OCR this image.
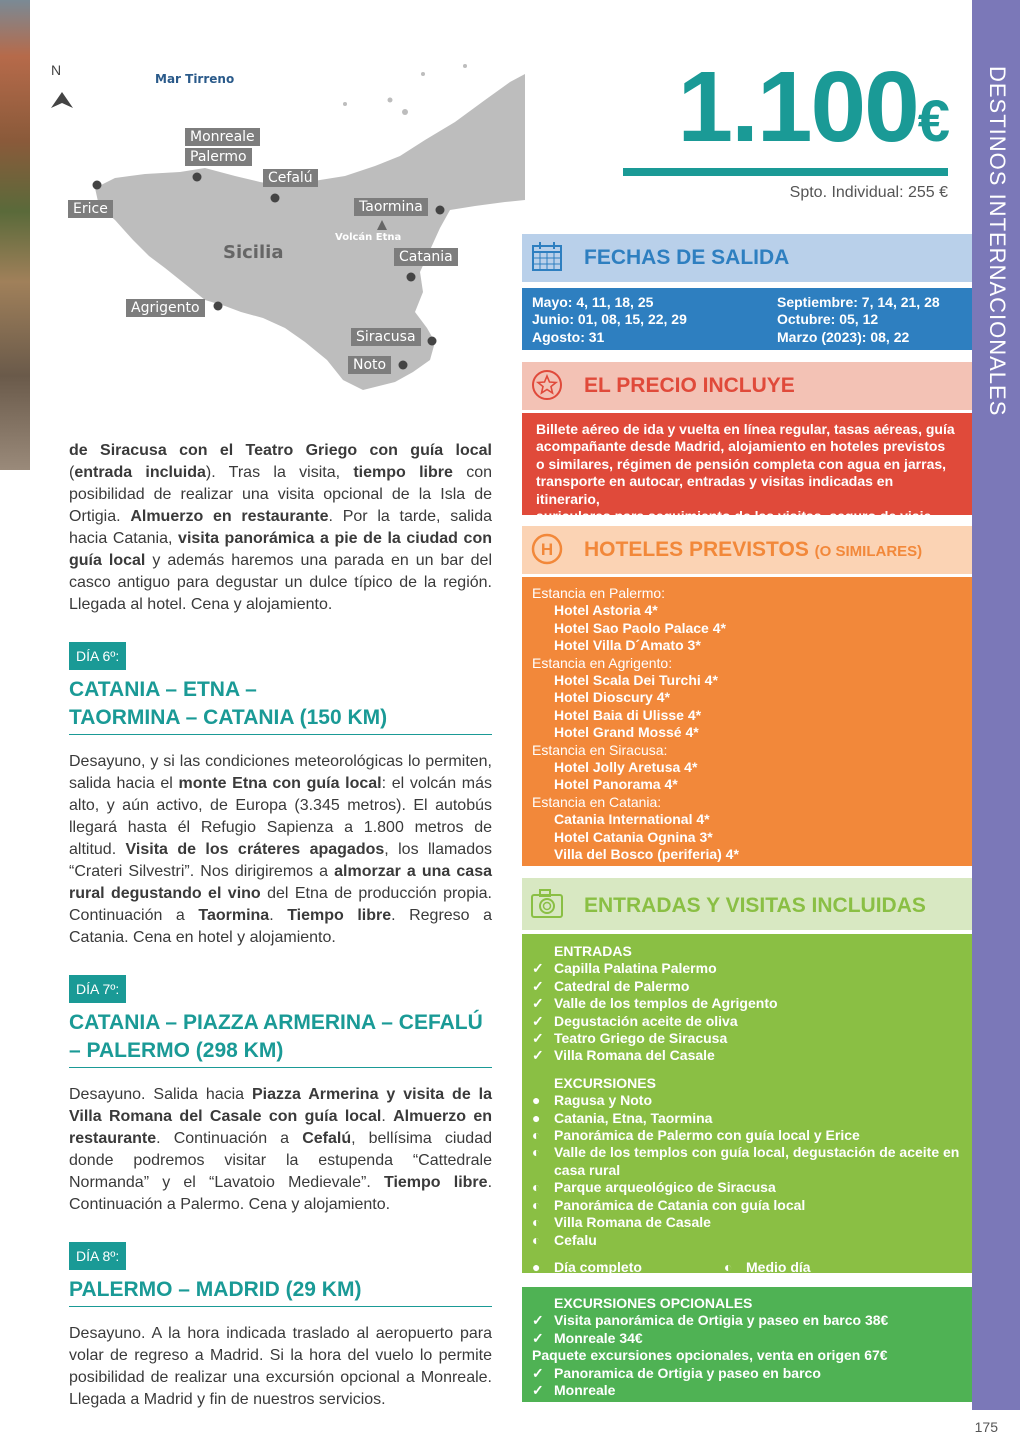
DESTINOS INTERNACIONALES
175
N
Mar Tirreno
Sicilia
Volcán Etna
Monreale
Palermo
Cefalú
Erice	Taormina
Catania
Agrigento
Siracusa
Noto

de Siracusa con el Teatro Griego con guía local (entrada incluida). Tras la visita, tiempo libre con posibilidad de realizar una visita opcional de la Isla de Ortigia. Almuerzo en restaurante. Por la tarde, salida hacia Catania, visita panorámica a pie de la ciudad con guía local y además haremos una parada en un bar del casco antiguo para degustar un dulce típico de la región. Llegada al hotel. Cena y alojamiento.

DÍA 6º:
CATANIA – ETNA –
TAORMINA – CATANIA (150 KM)

Desayuno, y si las condiciones meteorológicas lo permiten, salida hacia el monte Etna con guía local: el volcán más alto, y aún activo, de Europa (3.345 metros). El autobús llegará hasta él Refugio Sapienza a 1.800 metros de altitud. Visita de los cráteres apagados, los llamados “Crateri Silvestri”. Nos dirigiremos a almorzar a una casa rural degustando el vino del Etna de producción propia. Continuación a Taormina. Tiempo libre. Regreso a Catania. Cena en hotel y alojamiento.

DÍA 7º:
CATANIA – PIAZZA ARMERINA – CEFALÚ
– PALERMO (298 KM)

Desayuno. Salida hacia Piazza Armerina y visita de la Villa Romana del Casale con guía local. Almuerzo en restaurante. Continuación a Cefalú, bellísima ciudad donde podremos visitar la estupenda “Cattedrale Normanda” y el “Lavatoio Medievale”. Tiempo libre. Continuación a Palermo. Cena y alojamiento.

DÍA 8º:
PALERMO – MADRID (29 KM)

Desayuno. A la hora indicada traslado al aeropuerto para volar de regreso a Madrid. Si la hora del vuelo lo permite posibilidad de realizar una excursión opcional a Monreale. Llegada a Madrid y fin de nuestros servicios.

1.100€
Spto. Individual: 255 €
FECHAS DE SALIDA
Mayo: 4, 11, 18, 25
Junio: 01, 08, 15, 22, 29
Agosto: 31
Septiembre: 7, 14, 21, 28
Octubre: 05, 12
Marzo (2023): 08, 22
EL PRECIO INCLUYE
Billete aéreo de ida y vuelta en línea regular, tasas aéreas, guía
acompañante desde Madrid, alojamiento en hoteles previstos
o similares, régimen de pensión completa con agua en jarras,
transporte en autocar, entradas y visitas indicadas en itinerario,
auriculares para seguimiento de las visitas, seguro de viaje.
H HOTELES PREVISTOS (O SIMILARES)
Estancia en Palermo:
Hotel Astoria 4*
Hotel Sao Paolo Palace 4*
Hotel Villa D´Amato 3*
Estancia en Agrigento:
Hotel Scala Dei Turchi 4*
Hotel Dioscury 4*
Hotel Baia di Ulisse 4*
Hotel Grand Mossé 4*
Estancia en Siracusa:
Hotel Jolly Aretusa 4*
Hotel Panorama 4*
Estancia en Catania:
Catania International 4*
Hotel Catania Ognina 3*
Villa del Bosco (periferia) 4*
ENTRADAS Y VISITAS INCLUIDAS
ENTRADAS
✓ Capilla Palatina Palermo
✓ Catedral de Palermo
✓ Valle de los templos de Agrigento
✓ Degustación aceite de oliva
✓ Teatro Griego de Siracusa
✓ Villa Romana del Casale
EXCURSIONES
● Ragusa y Noto
● Catania, Etna, Taormina
◐ Panorámica de Palermo con guía local y Erice
◐ Valle de los templos con guía local, degustación de aceite en casa rural
◐ Parque arqueológico de Siracusa
◐ Panorámica de Catania con guía local
◐ Villa Romana de Casale
◐ Cefalu
● Día completo	◐ Medio día
EXCURSIONES OPCIONALES
✓ Visita panorámica de Ortigia y paseo en barco 38€
✓ Monreale 34€
Paquete excursiones opcionales, venta en origen 67€
✓ Panoramica de Ortigia y paseo en barco
✓ Monreale
